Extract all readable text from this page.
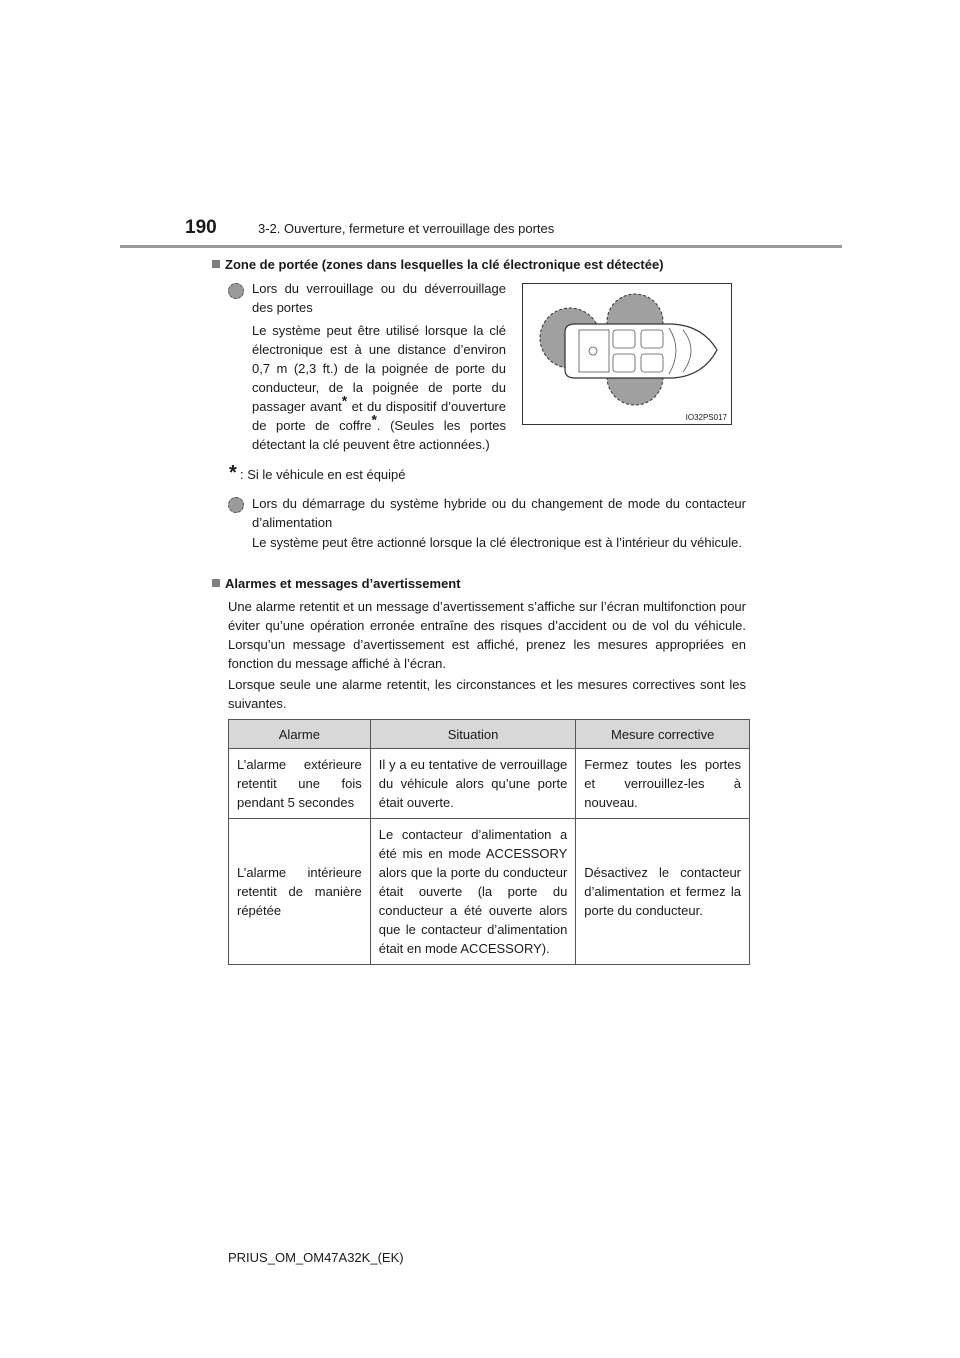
190	3-2. Ouverture, fermeture et verrouillage des portes
Zone de portée (zones dans lesquelles la clé électronique est détectée)

Lors du verrouillage ou du déverrouillage des portes

Le système peut être utilisé lorsque la clé électronique est à une distance d’environ 0,7 m (2,3 ft.) de la poignée de porte du conducteur, de la poignée de porte du passager avant* et du dispositif d’ouverture de porte de coffre*. (Seules les portes détectant la clé peuvent être actionnées.)

IO32PS017
* : Si le véhicule en est équipé

Lors du démarrage du système hybride ou du changement de mode du contacteur d’alimentation

Le système peut être actionné lorsque la clé électronique est à l’intérieur du véhicule.

Alarmes et messages d’avertissement

Une alarme retentit et un message d’avertissement s’affiche sur l’écran multifonction pour éviter qu’une opération erronée entraîne des risques d’accident ou de vol du véhicule. Lorsqu’un message d’avertissement est affiché, prenez les mesures appropriées en fonction du message affiché à l’écran.

Lorsque seule une alarme retentit, les circonstances et les mesures correctives sont les suivantes.

Alarme	Situation	Mesure corrective
L’alarme extérieure retentit une fois pendant 5 secondes	Il y a eu tentative de verrouillage du véhicule alors qu’une porte était ouverte.	Fermez toutes les portes et verrouillez-les à nouveau.
L’alarme intérieure retentit de manière répétée	Le contacteur d’alimentation a été mis en mode ACCESSORY alors que la porte du conducteur était ouverte (la porte du conducteur a été ouverte alors que le contacteur d’alimentation était en mode ACCESSORY).	Désactivez le contacteur d’alimentation et fermez la porte du conducteur.
PRIUS_OM_OM47A32K_(EK)
